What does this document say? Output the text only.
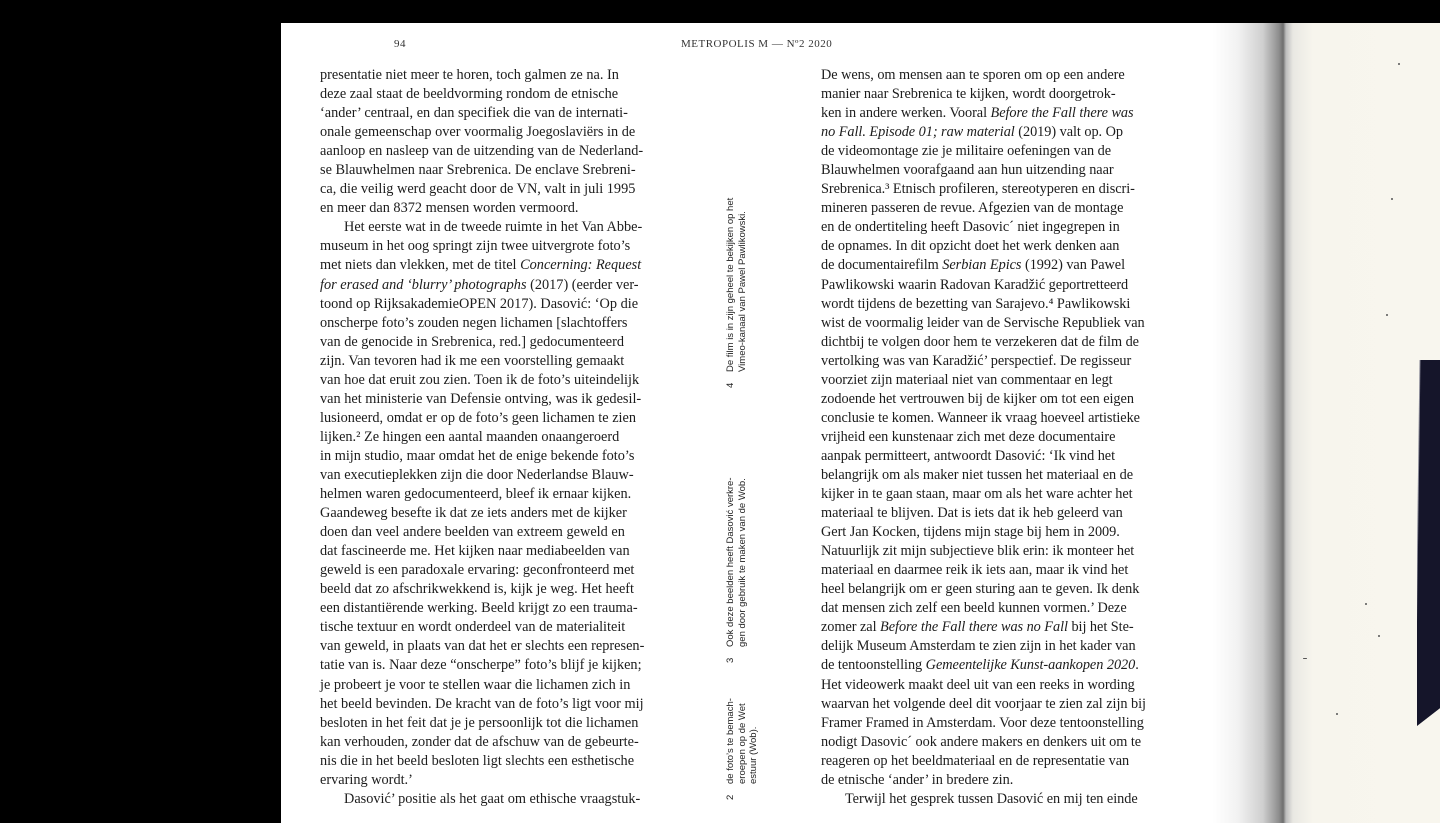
94	METROPOLIS M — Nº2 2020
presentatie niet meer te horen, toch galmen ze na. In
deze zaal staat de beeldvorming rondom de etnische
‘ander’ centraal, en dan specifiek die van de internati-
onale gemeenschap over voormalig Joegoslaviërs in de
aanloop en nasleep van de uitzending van de Nederland-
se Blauwhelmen naar Srebrenica. De enclave Srebreni-
ca, die veilig werd geacht door de VN, valt in juli 1995
en meer dan 8372 mensen worden vermoord.
Het eerste wat in de tweede ruimte in het Van Abbe-
museum in het oog springt zijn twee uitvergrote foto’s
met niets dan vlekken, met de titel Concerning: Request
for erased and ‘blurry’ photographs (2017) (eerder ver-
toond op RijksakademieOPEN 2017). Dasović: ‘Op die
onscherpe foto’s zouden negen lichamen [slachtoffers
van de genocide in Srebrenica, red.] gedocumenteerd
zijn. Van tevoren had ik me een voorstelling gemaakt
van hoe dat eruit zou zien. Toen ik de foto’s uiteindelijk
van het ministerie van Defensie ontving, was ik gedesil-
lusioneerd, omdat er op de foto’s geen lichamen te zien
lijken.² Ze hingen een aantal maanden onaangeroerd
in mijn studio, maar omdat het de enige bekende foto’s
van executieplekken zijn die door Nederlandse Blauw-
helmen waren gedocumenteerd, bleef ik ernaar kijken.
Gaandeweg besefte ik dat ze iets anders met de kijker
doen dan veel andere beelden van extreem geweld en
dat fascineerde me. Het kijken naar mediabeelden van
geweld is een paradoxale ervaring: geconfronteerd met
beeld dat zo afschrikwekkend is, kijk je weg. Het heeft
een distantiërende werking. Beeld krijgt zo een trauma-
tische textuur en wordt onderdeel van de materialiteit
van geweld, in plaats van dat het er slechts een represen-
tatie van is. Naar deze “onscherpe” foto’s blijf je kijken;
je probeert je voor te stellen waar die lichamen zich in
het beeld bevinden. De kracht van de foto’s ligt voor mij
besloten in het feit dat je je persoonlijk tot die lichamen
kan verhouden, zonder dat de afschuw van de gebeurte-
nis die in het beeld besloten ligt slechts een esthetische
ervaring wordt.’
Dasović’ positie als het gaat om ethische vraagstuk-
4De film is in zijn geheel te bekijken op het Vimeo-kanaal van Pawel Pawlikowski.
3Ook deze beelden heeft Dasović verkre- gen door gebruik te maken van de Wob.
2de foto’s te bemach- eroepen op de Wet estuur (Wob).
De wens, om mensen aan te sporen om op een andere
manier naar Srebrenica te kijken, wordt doorgetrok-
ken in andere werken. Vooral Before the Fall there was
no Fall. Episode 01; raw material (2019) valt op. Op
de videomontage zie je militaire oefeningen van de
Blauwhelmen voorafgaand aan hun uitzending naar
Srebrenica.³ Etnisch profileren, stereotyperen en discri-
mineren passeren de revue. Afgezien van de montage
en de ondertiteling heeft Dasovic´ niet ingegrepen in
de opnames. In dit opzicht doet het werk denken aan
de documentairefilm Serbian Epics (1992) van Pawel
Pawlikowski waarin Radovan Karadžić geportretteerd
wordt tijdens de bezetting van Sarajevo.⁴ Pawlikowski
wist de voormalig leider van de Servische Republiek van
dichtbij te volgen door hem te verzekeren dat de film de
vertolking was van Karadžić’ perspectief. De regisseur
voorziet zijn materiaal niet van commentaar en legt
zodoende het vertrouwen bij de kijker om tot een eigen
conclusie te komen. Wanneer ik vraag hoeveel artistieke
vrijheid een kunstenaar zich met deze documentaire
aanpak permitteert, antwoordt Dasović: ‘Ik vind het
belangrijk om als maker niet tussen het materiaal en de
kijker in te gaan staan, maar om als het ware achter het
materiaal te blijven. Dat is iets dat ik heb geleerd van
Gert Jan Kocken, tijdens mijn stage bij hem in 2009.
Natuurlijk zit mijn subjectieve blik erin: ik monteer het
materiaal en daarmee reik ik iets aan, maar ik vind het
heel belangrijk om er geen sturing aan te geven. Ik denk
dat mensen zich zelf een beeld kunnen vormen.’ Deze
zomer zal Before the Fall there was no Fall bij het Ste-
delijk Museum Amsterdam te zien zijn in het kader van
de tentoonstelling Gemeentelijke Kunst-aankopen 2020.
Het videowerk maakt deel uit van een reeks in wording
waarvan het volgende deel dit voorjaar te zien zal zijn bij
Framer Framed in Amsterdam. Voor deze tentoonstelling
nodigt Dasovic´ ook andere makers en denkers uit om te
reageren op het beeldmateriaal en de representatie van
de etnische ‘ander’ in bredere zin.
Terwijl het gesprek tussen Dasović en mij ten einde
